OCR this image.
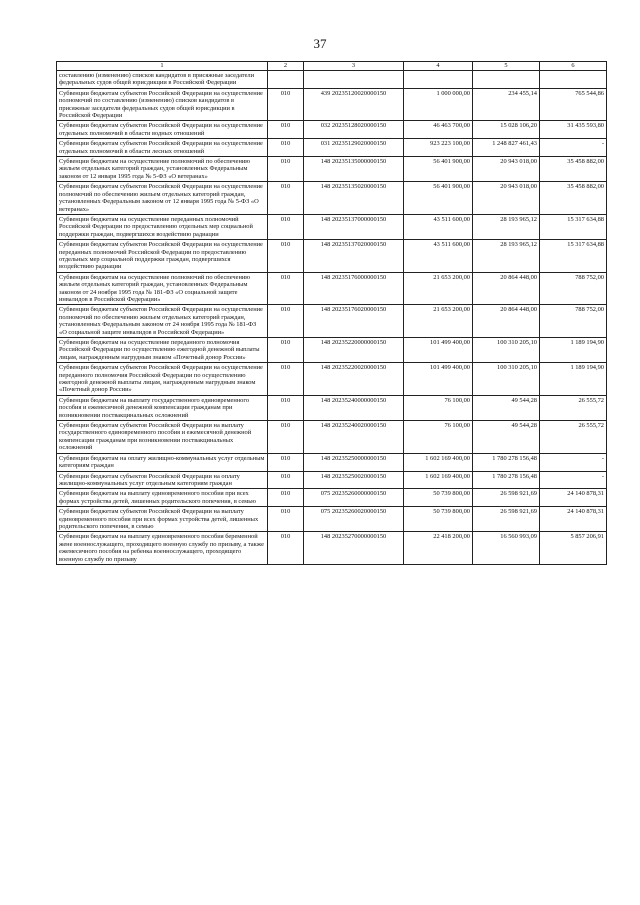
37
1	2	3	4	5	6
составлению (изменению) списков кандидатов в присяжные заседатели федеральных судов общей юрисдикции в Российской Федерации					
Субвенции бюджетам субъектов Российской Федерации на осуществление полномочий по составлению (изменению) списков кандидатов в присяжные заседатели федеральных судов общей юрисдикции в Российской Федерации	010	439 20235120020000150	1 000 000,00	234 455,14	765 544,86
Субвенции бюджетам субъектов Российской Федерации на осуществление отдельных полномочий в области водных отношений	010	032 20235128020000150	46 463 700,00	15 028 106,20	31 435 593,80
Субвенции бюджетам субъектов Российской Федерации на осуществление отдельных полномочий в области лесных отношений	010	031 20235129020000150	923 223 100,00	1 248 827 461,43	-
Субвенции бюджетам на осуществление полномочий по обеспечению жильем отдельных категорий граждан, установленных Федеральным законом от 12 января 1995 года № 5-ФЗ «О ветеранах»	010	148 20235135000000150	56 401 900,00	20 943 018,00	35 458 882,00
Субвенции бюджетам субъектов Российской Федерации на осуществление полномочий по обеспечению жильем отдельных категорий граждан, установленных Федеральным законом от 12 января 1995 года № 5-ФЗ «О ветеранах»	010	148 20235135020000150	56 401 900,00	20 943 018,00	35 458 882,00
Субвенции бюджетам на осуществление переданных полномочий Российской Федерации по предоставлению отдельных мер социальной поддержки граждан, подвергшихся воздействию радиации	010	148 20235137000000150	43 511 600,00	28 193 965,12	15 317 634,88
Субвенции бюджетам субъектов Российской Федерации на осуществление переданных полномочий Российской Федерации по предоставлению отдельных мер социальной поддержки граждан, подвергшихся воздействию радиации	010	148 20235137020000150	43 511 600,00	28 193 965,12	15 317 634,88
Субвенции бюджетам на осуществление полномочий по обеспечению жильем отдельных категорий граждан, установленных Федеральным законом от 24 ноября 1995 года № 181-ФЗ «О социальной защите инвалидов в Российской Федерации»	010	148 20235176000000150	21 653 200,00	20 864 448,00	788 752,00
Субвенции бюджетам субъектов Российской Федерации на осуществление полномочий по обеспечению жильем отдельных категорий граждан, установленных Федеральным законом от 24 ноября 1995 года № 181-ФЗ «О социальной защите инвалидов в Российской Федерации»	010	148 20235176020000150	21 653 200,00	20 864 448,00	788 752,00
Субвенции бюджетам на осуществление переданного полномочия Российской Федерации по осуществлению ежегодной денежной выплаты лицам, награжденным нагрудным знаком «Почетный донор России»	010	148 20235220000000150	101 499 400,00	100 310 205,10	1 189 194,90
Субвенции бюджетам субъектов Российской Федерации на осуществление переданного полномочия Российской Федерации по осуществлению ежегодной денежной выплаты лицам, награжденным нагрудным знаком «Почетный донор России»	010	148 20235220020000150	101 499 400,00	100 310 205,10	1 189 194,90
Субвенции бюджетам на выплату государственного единовременного пособия и ежемесячной денежной компенсации гражданам при возникновении поствакцинальных осложнений	010	148 20235240000000150	76 100,00	49 544,28	26 555,72
Субвенции бюджетам субъектов Российской Федерации на выплату государственного единовременного пособия и ежемесячной денежной компенсации гражданам при возникновении поствакцинальных осложнений	010	148 20235240020000150	76 100,00	49 544,28	26 555,72
Субвенции бюджетам на оплату жилищно-коммунальных услуг отдельным категориям граждан	010	148 20235250000000150	1 602 169 400,00	1 780 278 156,48	-
Субвенции бюджетам субъектов Российской Федерации на оплату жилищно-коммунальных услуг отдельным категориям граждан	010	148 20235250020000150	1 602 169 400,00	1 780 278 156,48	-
Субвенции бюджетам на выплату единовременного пособия при всех формах устройства детей, лишенных родительского попечения, в семью	010	075 20235260000000150	50 739 800,00	26 598 921,69	24 140 878,31
Субвенции бюджетам субъектов Российской Федерации на выплату единовременного пособия при всех формах устройства детей, лишенных родительского попечения, в семью	010	075 20235260020000150	50 739 800,00	26 598 921,69	24 140 878,31
Субвенции бюджетам на выплату единовременного пособия беременной жене военнослужащего, проходящего военную службу по призыву, а также ежемесячного пособия на ребенка военнослужащего, проходящего военную службу по призыву	010	148 20235270000000150	22 418 200,00	16 560 993,09	5 857 206,91
